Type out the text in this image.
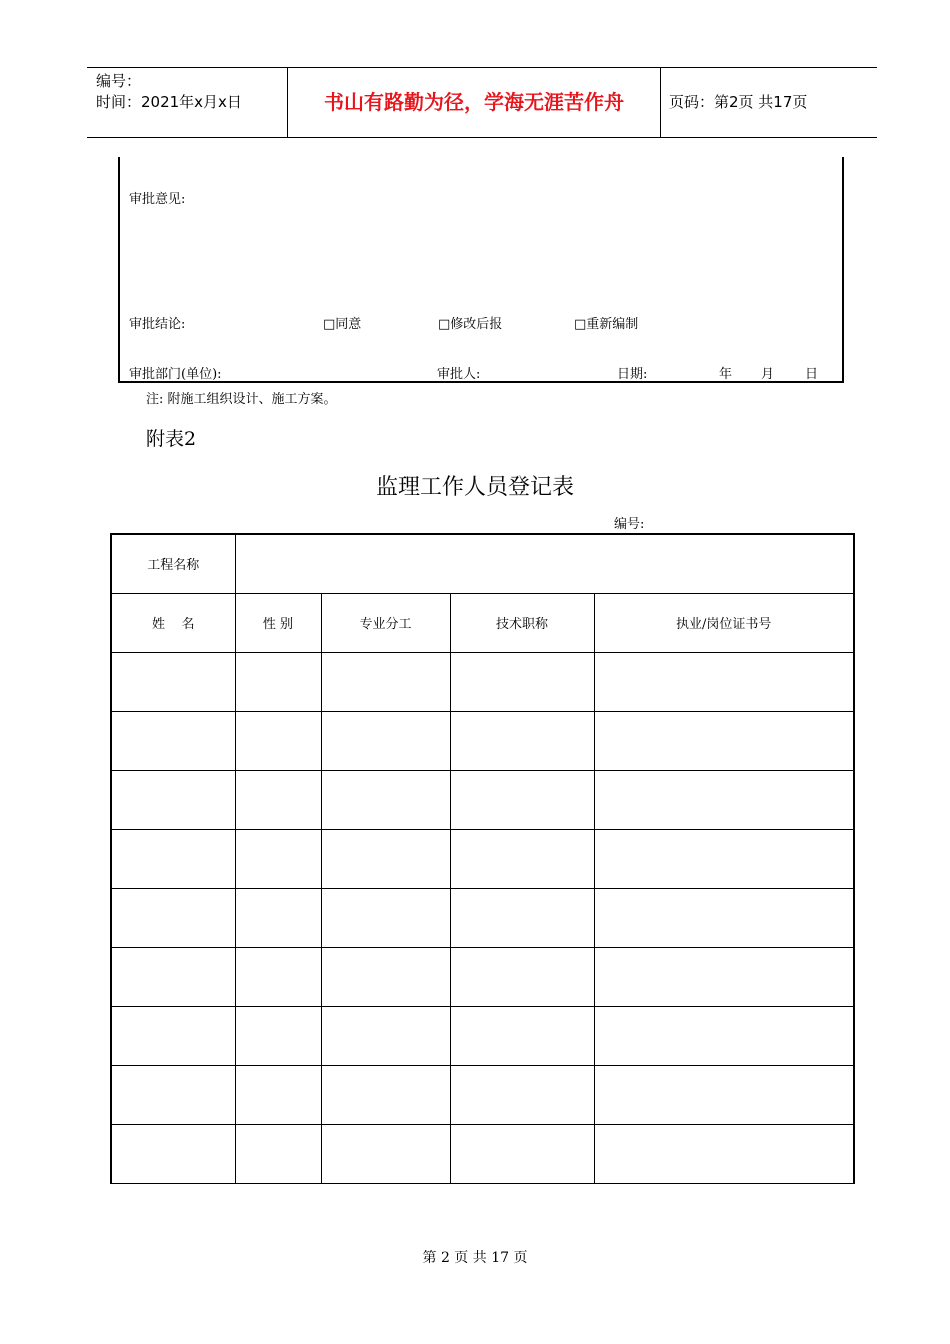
编号：
时间：2021年x月x日	书山有路勤为径，学海无涯苦作舟	页码：第2页 共17页
审批意见:
审批结论:	□同意	□修改后报	□重新编制
审批部门(单位):	审批人:	日期:	年 月 日
注: 附施工组织设计、施工方案。
附表2
监理工作人员登记表
编号:
工程名称				
姓    名	性 别	专业分工	技术职称	执业/岗位证书号

第 2 页 共 17 页
